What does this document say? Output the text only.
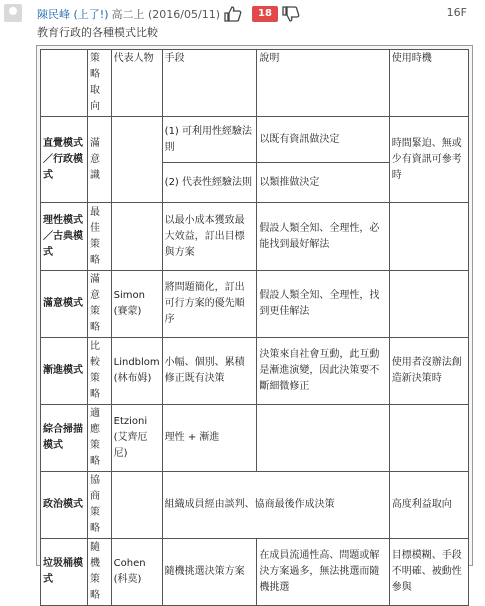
陳民峰 (上了!) 高二上 (2016/05/11)	18	16F
教育行政的各種模式比較
	策略取向	代表人物	手段	說明	使用時機
直覺模式／行政模式	滿意識		(1) 可利用性經驗法則	以既有資訊做決定	時間緊迫、無或少有資訊可參考時
			(2) 代表性經驗法則	以類推做決定	
理性模式／古典模式	最佳策略		以最小成本獲致最大效益，訂出目標與方案	假設人類全知、全理性，必能找到最好解法	
滿意模式	滿意策略	Simon (賽蒙)	將問題簡化，訂出可行方案的優先順序	假設人類全知、全理性，找到更佳解法	
漸進模式	比較策略	Lindblom (林布姆)	小幅、個別、累積修正既有決策	決策來自社會互動，此互動是漸進演變，因此決策要不斷細微修正	使用者沒辦法創造新決策時
綜合掃描模式	適應策略	Etzioni (艾齊厄尼)	理性 + 漸進		
政治模式	協商策略		組織成員經由談判、協商最後作成決策		高度利益取向
垃圾桶模式	隨機策略	Cohen (科莫)	隨機挑選決策方案	在成員流通性高、問題或解決方案過多，無法挑選而隨機挑選	目標模糊、手段不明確、被動性參與
